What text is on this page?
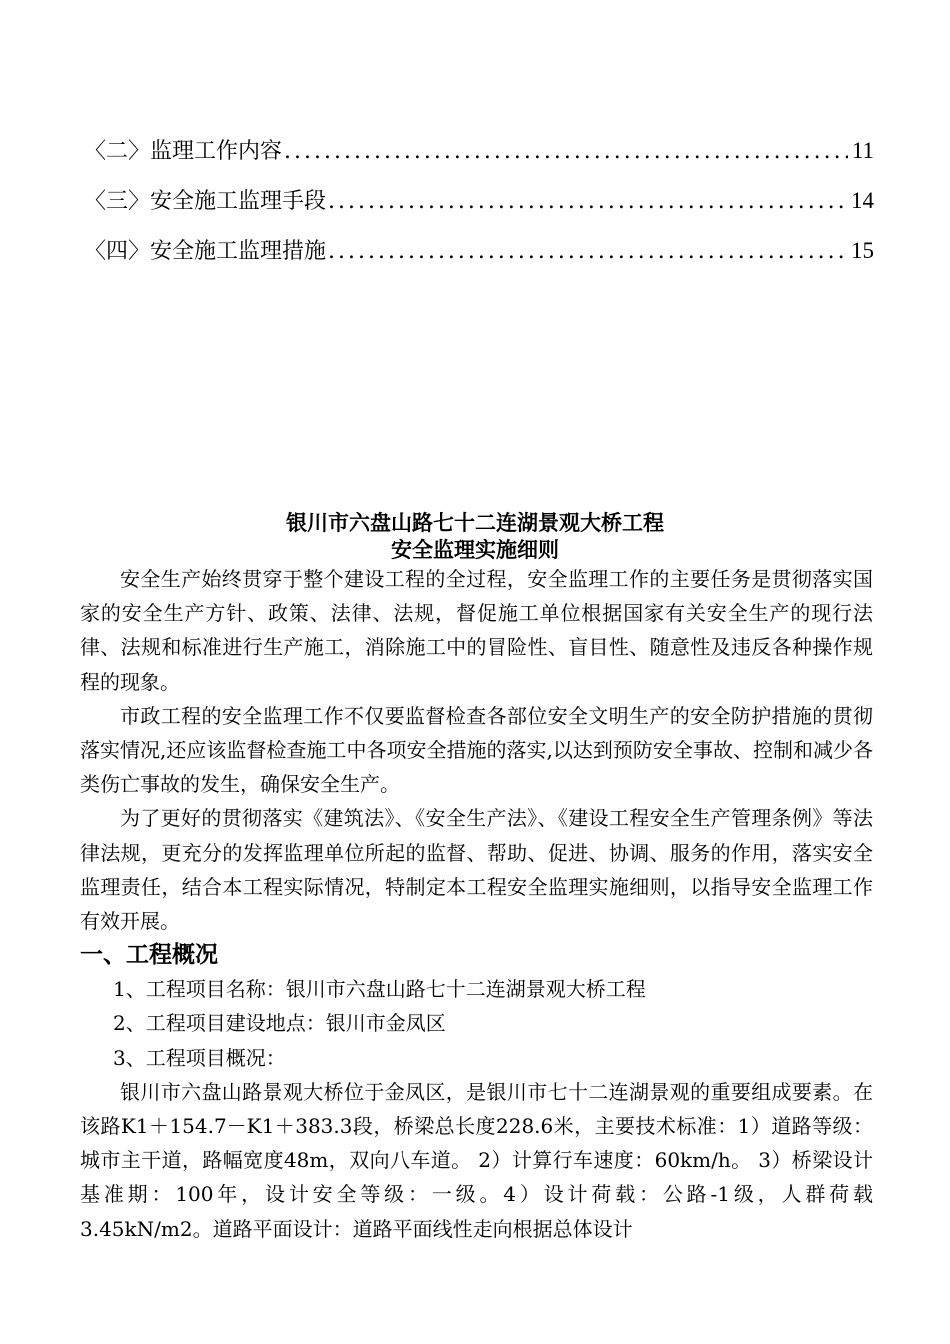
〈二〉监理工作内容 .....	11
〈三〉安全施工监理手段 .....	14
〈四〉安全施工监理措施 .....	15
银川市六盘山路七十二连湖景观大桥工程
安全监理实施细则

安全生产始终贯穿于整个建设工程的全过程，安全监理工作的主要任务是贯彻落实国家的安全生产方针、政策、法律、法规，督促施工单位根据国家有关安全生产的现行法律、法规和标准进行生产施工，消除施工中的冒险性、盲目性、随意性及违反各种操作规程的现象。

市政工程的安全监理工作不仅要监督检查各部位安全文明生产的安全防护措施的贯彻落实情况,还应该监督检查施工中各项安全措施的落实,以达到预防安全事故、控制和减少各类伤亡事故的发生，确保安全生产。

为了更好的贯彻落实《建筑法》、《安全生产法》、《建设工程安全生产管理条例》等法律法规，更充分的发挥监理单位所起的监督、帮助、促进、协调、服务的作用，落实安全监理责任，结合本工程实际情况，特制定本工程安全监理实施细则，以指导安全监理工作有效开展。

一、工程概况

1、工程项目名称：银川市六盘山路七十二连湖景观大桥工程

2、工程项目建设地点：银川市金凤区

3、工程项目概况：

银川市六盘山路景观大桥位于金凤区，是银川市七十二连湖景观的重要组成要素。在该路K1＋154.7－K1＋383.3段，桥梁总长度228.6米，主要技术标准：1）道路等级：城市主干道，路幅宽度48m，双向八车道。 2）计算行车速度：60km/h。 3）桥梁设计基准期：100年，设计安全等级：一级。4）设计荷载：公路-1级，人群荷载3.45kN/m2。道路平面设计：道路平面线性走向根据总体设计
